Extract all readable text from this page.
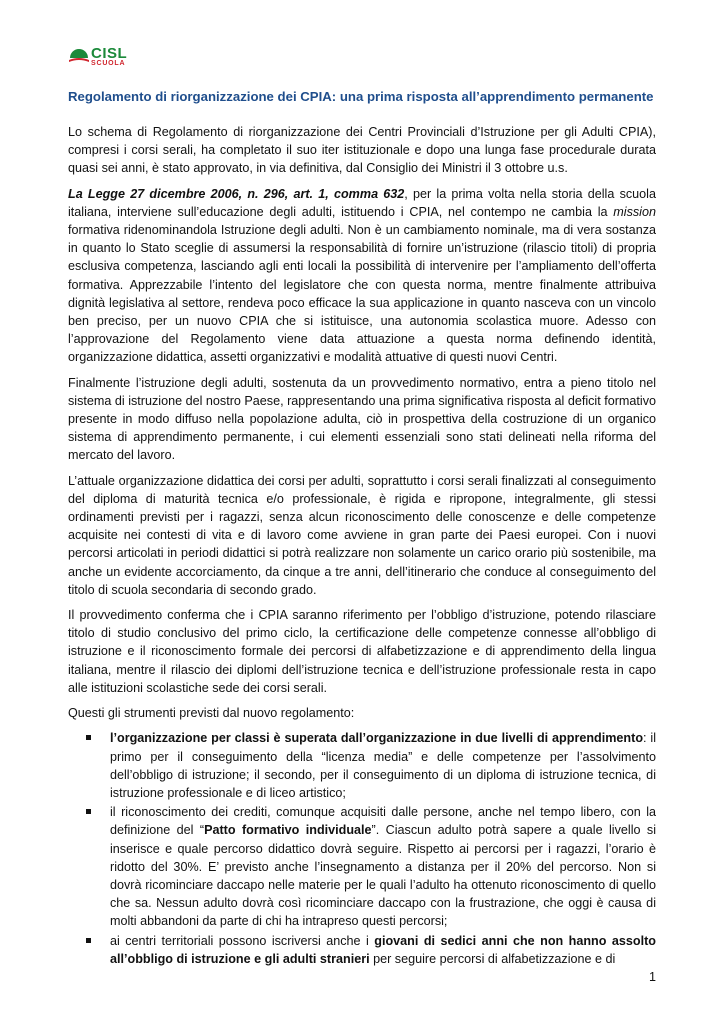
CISL
SCUOLA
Regolamento di riorganizzazione dei CPIA: una prima risposta all’apprendimento permanente

Lo schema di Regolamento di riorganizzazione dei Centri Provinciali d’Istruzione per gli Adulti CPIA), compresi i corsi serali, ha completato il suo iter istituzionale e dopo una lunga fase procedurale durata quasi sei anni, è stato approvato, in via definitiva, dal Consiglio dei Ministri il 3 ottobre u.s.

La Legge 27 dicembre 2006, n. 296, art. 1, comma 632, per la prima volta nella storia della scuola italiana, interviene sull’educazione degli adulti, istituendo i CPIA, nel contempo ne cambia la mission formativa ridenominandola Istruzione degli adulti. Non è un cambiamento nominale, ma di vera sostanza in quanto lo Stato sceglie di assumersi la responsabilità di fornire un’istruzione (rilascio titoli) di propria esclusiva competenza, lasciando agli enti locali la possibilità di intervenire per l’ampliamento dell’offerta formativa. Apprezzabile l’intento del legislatore che con questa norma, mentre finalmente attribuiva dignità legislativa al settore, rendeva poco efficace la sua applicazione in quanto nasceva con un vincolo ben preciso, per un nuovo CPIA che si istituisce, una autonomia scolastica muore. Adesso con l’approvazione del Regolamento viene data attuazione a questa norma definendo identità, organizzazione didattica, assetti organizzativi e modalità attuative di questi nuovi Centri.

Finalmente l’istruzione degli adulti, sostenuta da un provvedimento normativo, entra a pieno titolo nel sistema di istruzione del nostro Paese, rappresentando una prima significativa risposta al deficit formativo presente in modo diffuso nella popolazione adulta, ciò in prospettiva della costruzione di un organico sistema di apprendimento permanente, i cui elementi essenziali sono stati delineati nella riforma del mercato del lavoro.

L’attuale organizzazione didattica dei corsi per adulti, soprattutto i corsi serali finalizzati al conseguimento del diploma di maturità tecnica e/o professionale, è rigida e ripropone, integralmente, gli stessi ordinamenti previsti per i ragazzi, senza alcun riconoscimento delle conoscenze e delle competenze acquisite nei contesti di vita e di lavoro come avviene in gran parte dei Paesi europei. Con i nuovi percorsi articolati in periodi didattici si potrà realizzare non solamente un carico orario più sostenibile, ma anche un evidente accorciamento, da cinque a tre anni, dell’itinerario che conduce al conseguimento del titolo di scuola secondaria di secondo grado.

Il provvedimento conferma che i CPIA saranno riferimento per l’obbligo d’istruzione, potendo rilasciare titolo di studio conclusivo del primo ciclo, la certificazione delle competenze connesse all’obbligo di istruzione e il riconoscimento formale dei percorsi di alfabetizzazione e di apprendimento della lingua italiana, mentre il rilascio dei diplomi dell’istruzione tecnica e dell’istruzione professionale resta in capo alle istituzioni scolastiche sede dei corsi serali.

Questi gli strumenti previsti dal nuovo regolamento:

l’organizzazione per classi è superata dall’organizzazione in due livelli di apprendimento: il primo per il conseguimento della “licenza media” e delle competenze per l’assolvimento dell’obbligo di istruzione; il secondo, per il conseguimento di un diploma di istruzione tecnica, di istruzione professionale e di liceo artistico;
il riconoscimento dei crediti, comunque acquisiti dalle persone, anche nel tempo libero, con la definizione del “Patto formativo individuale”. Ciascun adulto potrà sapere a quale livello si inserisce e quale percorso didattico dovrà seguire. Rispetto ai percorsi per i ragazzi, l’orario è ridotto del 30%. E’ previsto anche l’insegnamento a distanza per il 20% del percorso. Non si dovrà ricominciare daccapo nelle materie per le quali l’adulto ha ottenuto riconoscimento di quello che sa. Nessun adulto dovrà così ricominciare daccapo con la frustrazione, che oggi è causa di molti abbandoni da parte di chi ha intrapreso questi percorsi;
ai centri territoriali possono iscriversi anche i giovani di sedici anni che non hanno assolto all’obbligo di istruzione e gli adulti stranieri per seguire percorsi di alfabetizzazione e di
1
